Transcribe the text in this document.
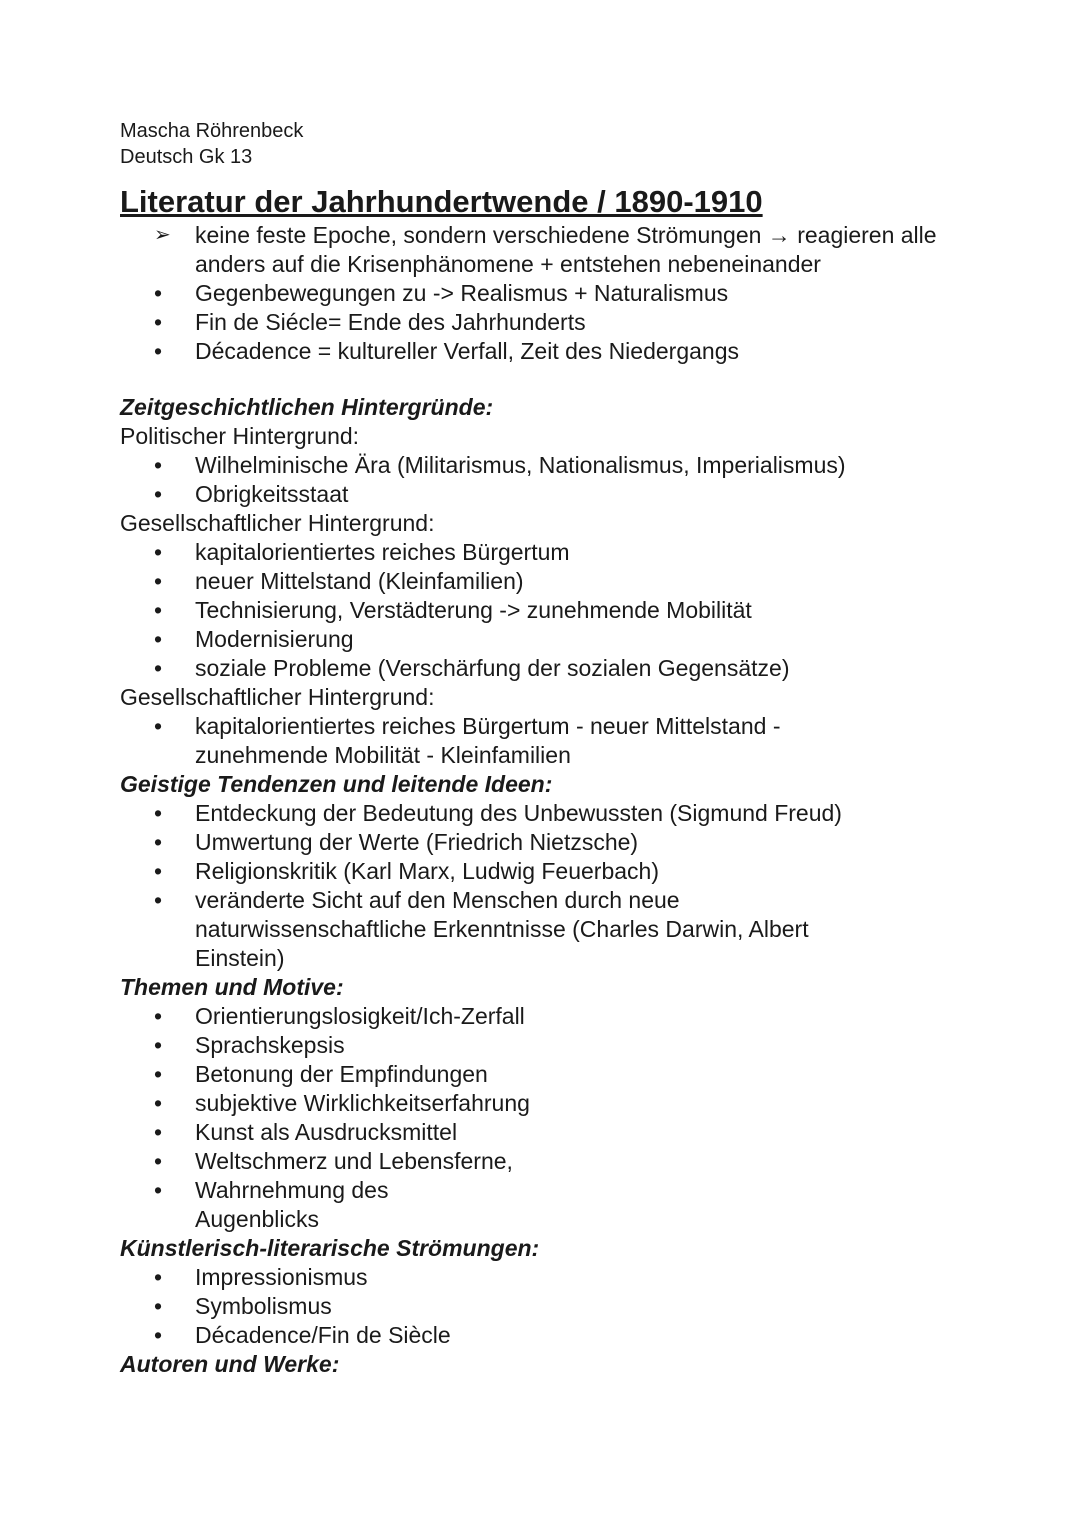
Mascha Röhrenbeck
Deutsch Gk 13
Literatur der Jahrhundertwende / 1890-1910
➢	keine feste Epoche, sondern verschiedene Strömungen → reagieren alle anders auf die Krisenphänomene + entstehen nebeneinander
•	Gegenbewegungen zu -> Realismus + Naturalismus
•	Fin de Siécle= Ende des Jahrhunderts
•	Décadence = kultureller Verfall, Zeit des Niedergangs
Zeitgeschichtlichen Hintergründe:
Politischer Hintergrund:
•	Wilhelminische Ära (Militarismus, Nationalismus, Imperialismus)
•	Obrigkeitsstaat
Gesellschaftlicher Hintergrund:
•	kapitalorientiertes reiches Bürgertum
•	neuer Mittelstand (Kleinfamilien)
•	Technisierung, Verstädterung -> zunehmende Mobilität
•	Modernisierung
•	soziale Probleme (Verschärfung der sozialen Gegensätze)
Gesellschaftlicher Hintergrund:
•	kapitalorientiertes reiches Bürgertum - neuer Mittelstand - zunehmende Mobilität - Kleinfamilien
Geistige Tendenzen und leitende Ideen:
•	Entdeckung der Bedeutung des Unbewussten (Sigmund Freud)
•	Umwertung der Werte (Friedrich Nietzsche)
•	Religionskritik (Karl Marx, Ludwig Feuerbach)
•	veränderte Sicht auf den Menschen durch neue naturwissenschaftliche Erkenntnisse (Charles Darwin, Albert Einstein)
Themen und Motive:
•	Orientierungslosigkeit/Ich-Zerfall
•	Sprachskepsis
•	Betonung der Empfindungen
•	subjektive Wirklichkeitserfahrung
•	Kunst als Ausdrucksmittel
•	Weltschmerz und Lebensferne,
•	Wahrnehmung des Augenblicks
Künstlerisch-literarische Strömungen:
•	Impressionismus
•	Symbolismus
•	Décadence/Fin de Siècle
Autoren und Werke:
